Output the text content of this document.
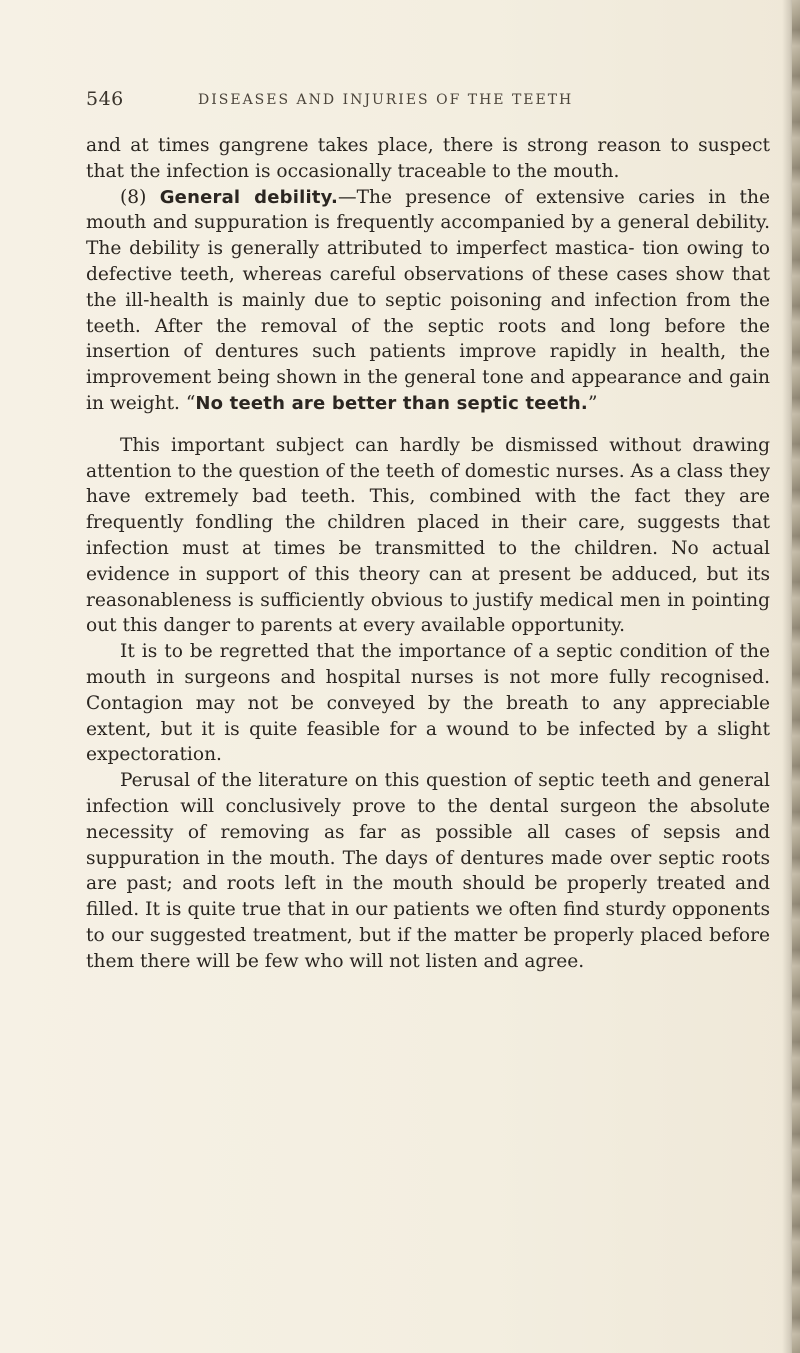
546	DISEASES AND INJURIES OF THE TEETH

and at times gangrene takes place, there is strong reason to suspect that the infection is occasionally traceable to the mouth.

(8) General debility.—The presence of extensive caries in the mouth and suppuration is frequently accompanied by a general debility. The debility is generally attributed to imperfect mastica- tion owing to defective teeth, whereas careful observations of these cases show that the ill-health is mainly due to septic poisoning and infection from the teeth. After the removal of the septic roots and long before the insertion of dentures such patients improve rapidly in health, the improvement being shown in the general tone and appearance and gain in weight. “No teeth are better than septic teeth.”

This important subject can hardly be dismissed without drawing attention to the question of the teeth of domestic nurses. As a class they have extremely bad teeth. This, combined with the fact they are frequently fondling the children placed in their care, suggests that infection must at times be transmitted to the children. No actual evidence in support of this theory can at present be adduced, but its reasonableness is sufficiently obvious to justify medical men in pointing out this danger to parents at every available opportunity.

It is to be regretted that the importance of a septic condition of the mouth in surgeons and hospital nurses is not more fully recognised. Contagion may not be conveyed by the breath to any appreciable extent, but it is quite feasible for a wound to be infected by a slight expectoration.

Perusal of the literature on this question of septic teeth and general infection will conclusively prove to the dental surgeon the absolute necessity of removing as far as possible all cases of sepsis and suppuration in the mouth. The days of dentures made over septic roots are past; and roots left in the mouth should be properly treated and filled. It is quite true that in our patients we often find sturdy opponents to our suggested treatment, but if the matter be properly placed before them there will be few who will not listen and agree.
